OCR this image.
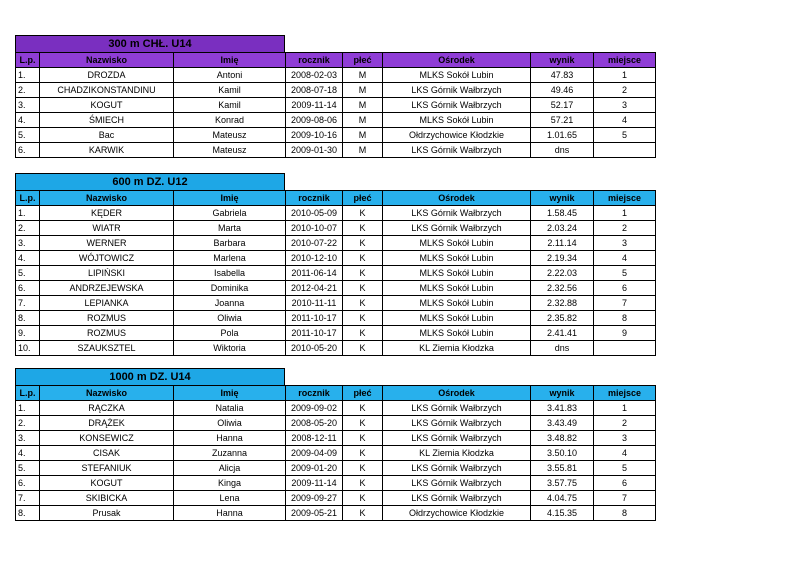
300 m CHŁ. U14
L.p.	Nazwisko	Imię	rocznik	płeć	Ośrodek	wynik	miejsce
1.	DROZDA	Antoni	2008-02-03	M	MLKS Sokół Lubin	47.83	1
2.	CHADZIKONSTANDINU	Kamil	2008-07-18	M	LKS Górnik Wałbrzych	49.46	2
3.	KOGUT	Kamil	2009-11-14	M	LKS Górnik Wałbrzych	52.17	3
4.	ŚMIECH	Konrad	2009-08-06	M	MLKS Sokół Lubin	57.21	4
5.	Bac	Mateusz	2009-10-16	M	Ołdrzychowice Kłodzkie	1.01.65	5
6.	KARWIK	Mateusz	2009-01-30	M	LKS Górnik Wałbrzych	dns	
600 m DZ. U12
L.p.	Nazwisko	Imię	rocznik	płeć	Ośrodek	wynik	miejsce
1.	KĘDER	Gabriela	2010-05-09	K	LKS Górnik Wałbrzych	1.58.45	1
2.	WIATR	Marta	2010-10-07	K	LKS Górnik Wałbrzych	2.03.24	2
3.	WERNER	Barbara	2010-07-22	K	MLKS Sokół Lubin	2.11.14	3
4.	WÓJTOWICZ	Marlena	2010-12-10	K	MLKS Sokół Lubin	2.19.34	4
5.	LIPIŃSKI	Isabella	2011-06-14	K	MLKS Sokół Lubin	2.22.03	5
6.	ANDRZEJEWSKA	Dominika	2012-04-21	K	MLKS Sokół Lubin	2.32.56	6
7.	LEPIANKA	Joanna	2010-11-11	K	MLKS Sokół Lubin	2.32.88	7
8.	ROZMUS	Oliwia	2011-10-17	K	MLKS Sokół Lubin	2.35.82	8
9.	ROZMUS	Pola	2011-10-17	K	MLKS Sokół Lubin	2.41.41	9
10.	SZAUKSZTEL	Wiktoria	2010-05-20	K	KL Ziemia Kłodzka	dns	
1000 m DZ. U14
L.p.	Nazwisko	Imię	rocznik	płeć	Ośrodek	wynik	miejsce
1.	RĄCZKA	Natalia	2009-09-02	K	LKS Górnik Wałbrzych	3.41.83	1
2.	DRĄŻEK	Oliwia	2008-05-20	K	LKS Górnik Wałbrzych	3.43.49	2
3.	KONSEWICZ	Hanna	2008-12-11	K	LKS Górnik Wałbrzych	3.48.82	3
4.	CISAK	Zuzanna	2009-04-09	K	KL Ziemia Kłodzka	3.50.10	4
5.	STEFANIUK	Alicja	2009-01-20	K	LKS Górnik Wałbrzych	3.55.81	5
6.	KOGUT	Kinga	2009-11-14	K	LKS Górnik Wałbrzych	3.57.75	6
7.	SKIBICKA	Lena	2009-09-27	K	LKS Górnik Wałbrzych	4.04.75	7
8.	Prusak	Hanna	2009-05-21	K	Ołdrzychowice Kłodzkie	4.15.35	8
